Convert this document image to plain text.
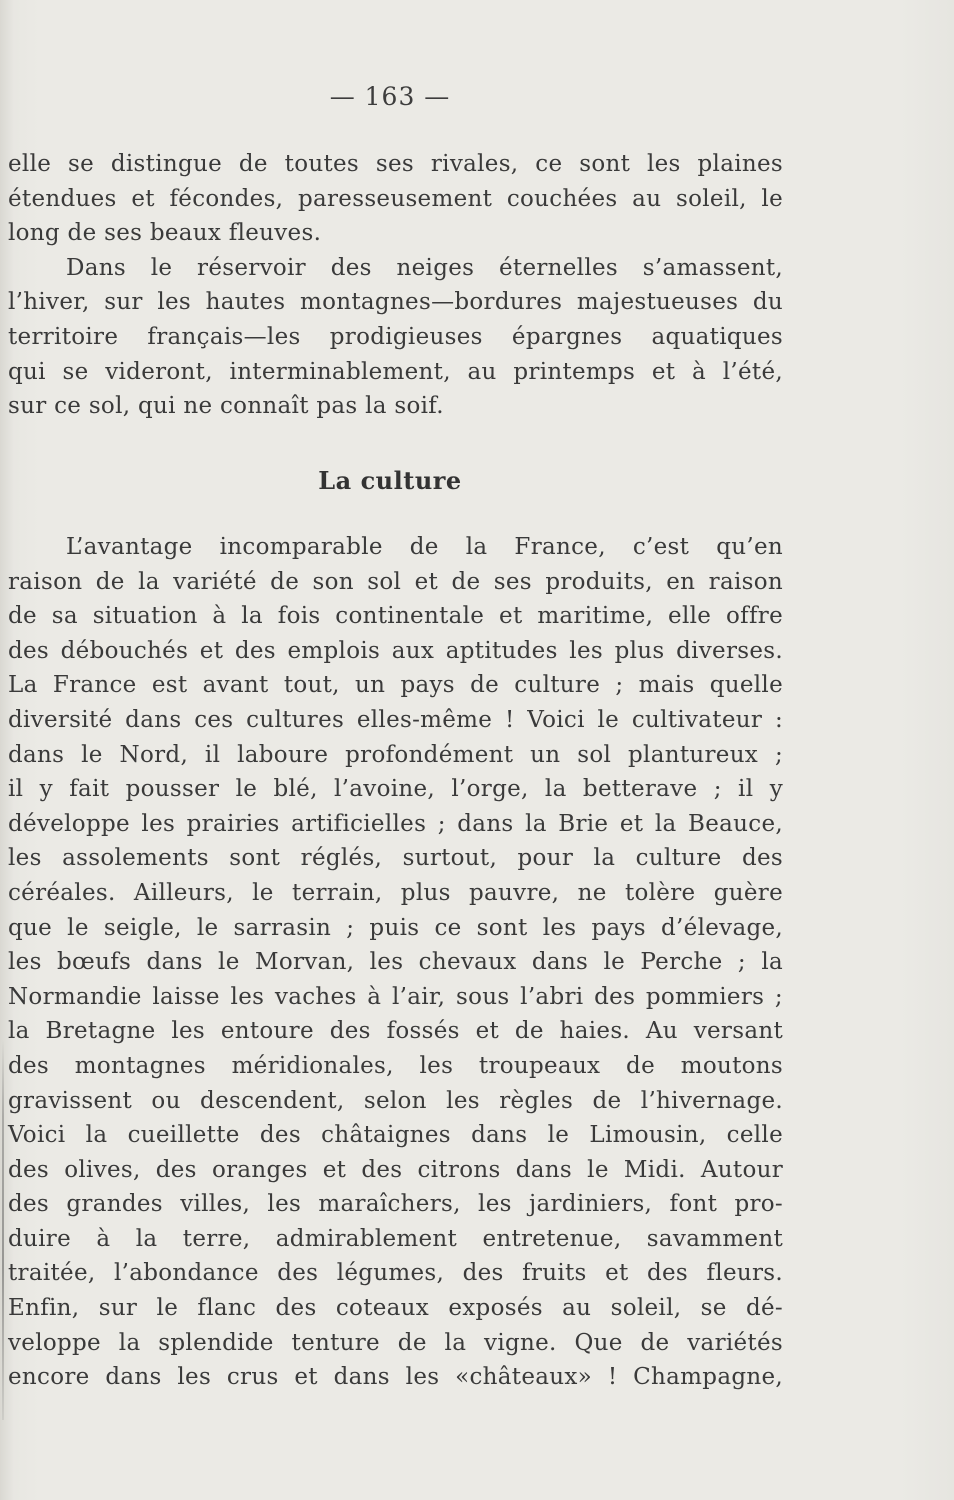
— 163 —
elle se distingue de toutes ses rivales, ce sont les plaines
étendues et fécondes, paresseusement couchées au soleil, le
long de ses beaux fleuves.
Dans le réservoir des neiges éternelles s’amassent,
l’hiver, sur les hautes montagnes—bordures majestueuses du
territoire français—les prodigieuses épargnes aquatiques
qui se videront, interminablement, au printemps et à l’été,
sur ce sol, qui ne connaît pas la soif.
La culture
L’avantage incomparable de la France, c’est qu’en
raison de la variété de son sol et de ses produits, en raison
de sa situation à la fois continentale et maritime, elle offre
des débouchés et des emplois aux aptitudes les plus diverses.
La France est avant tout, un pays de culture ; mais quelle
diversité dans ces cultures elles-même ! Voici le cultivateur :
dans le Nord, il laboure profondément un sol plantureux ;
il y fait pousser le blé, l’avoine, l’orge, la betterave ; il y
développe les prairies artificielles ; dans la Brie et la Beauce,
les assolements sont réglés, surtout, pour la culture des
céréales. Ailleurs, le terrain, plus pauvre, ne tolère guère
que le seigle, le sarrasin ; puis ce sont les pays d’élevage,
les bœufs dans le Morvan, les chevaux dans le Perche ; la
Normandie laisse les vaches à l’air, sous l’abri des pommiers ;
la Bretagne les entoure des fossés et de haies. Au versant
des montagnes méridionales, les troupeaux de moutons
gravissent ou descendent, selon les règles de l’hivernage.
Voici la cueillette des châtaignes dans le Limousin, celle
des olives, des oranges et des citrons dans le Midi. Autour
des grandes villes, les maraîchers, les jardiniers, font pro-
duire à la terre, admirablement entretenue, savamment
traitée, l’abondance des légumes, des fruits et des fleurs.
Enfin, sur le flanc des coteaux exposés au soleil, se dé-
veloppe la splendide tenture de la vigne. Que de variétés
encore dans les crus et dans les «châteaux» ! Champagne,
